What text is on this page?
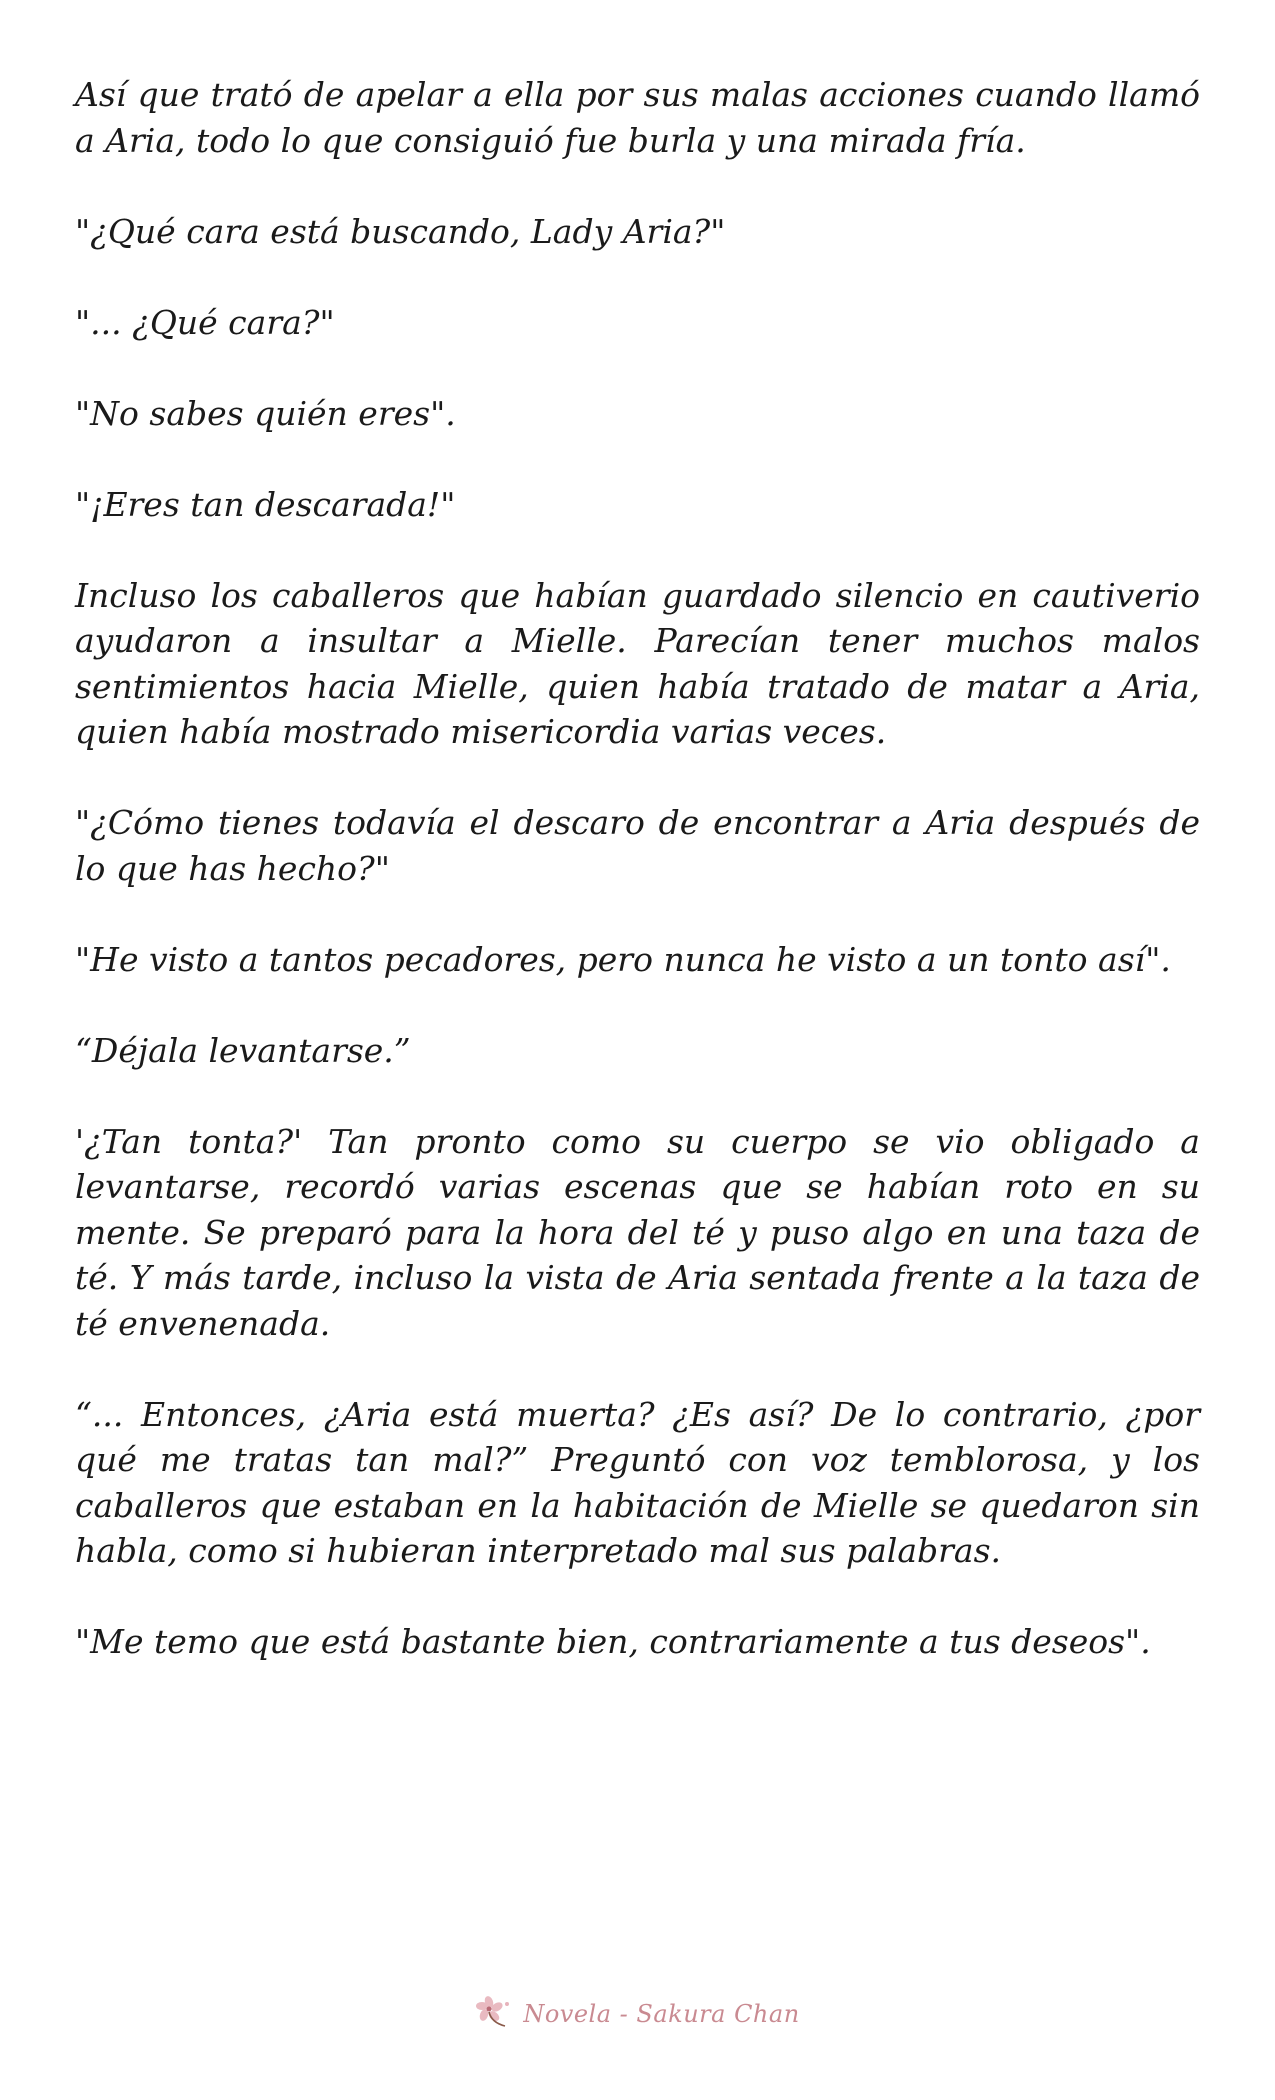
Así que trató de apelar a ella por sus malas acciones cuando llamó a Aria, todo lo que consiguió fue burla y una mirada fría.

"¿Qué cara está buscando, Lady Aria?"

"... ¿Qué cara?"

"No sabes quién eres".

"¡Eres tan descarada!"

Incluso los caballeros que habían guardado silencio en cautiverio ayudaron a insultar a Mielle. Parecían tener muchos malos sentimientos hacia Mielle, quien había tratado de matar a Aria, quien había mostrado misericordia varias veces.

"¿Cómo tienes todavía el descaro de encontrar a Aria después de lo que has hecho?"

"He visto a tantos pecadores, pero nunca he visto a un tonto así".

“Déjala levantarse.”

'¿Tan tonta?' Tan pronto como su cuerpo se vio obligado a levantarse, recordó varias escenas que se habían roto en su mente. Se preparó para la hora del té y puso algo en una taza de té. Y más tarde, incluso la vista de Aria sentada frente a la taza de té envenenada.

“... Entonces, ¿Aria está muerta? ¿Es así? De lo contrario, ¿por qué me tratas tan mal?” Preguntó con voz temblorosa, y los caballeros que estaban en la habitación de Mielle se quedaron sin habla, como si hubieran interpretado mal sus palabras.

"Me temo que está bastante bien, contrariamente a tus deseos".

Novela - Sakura Chan
